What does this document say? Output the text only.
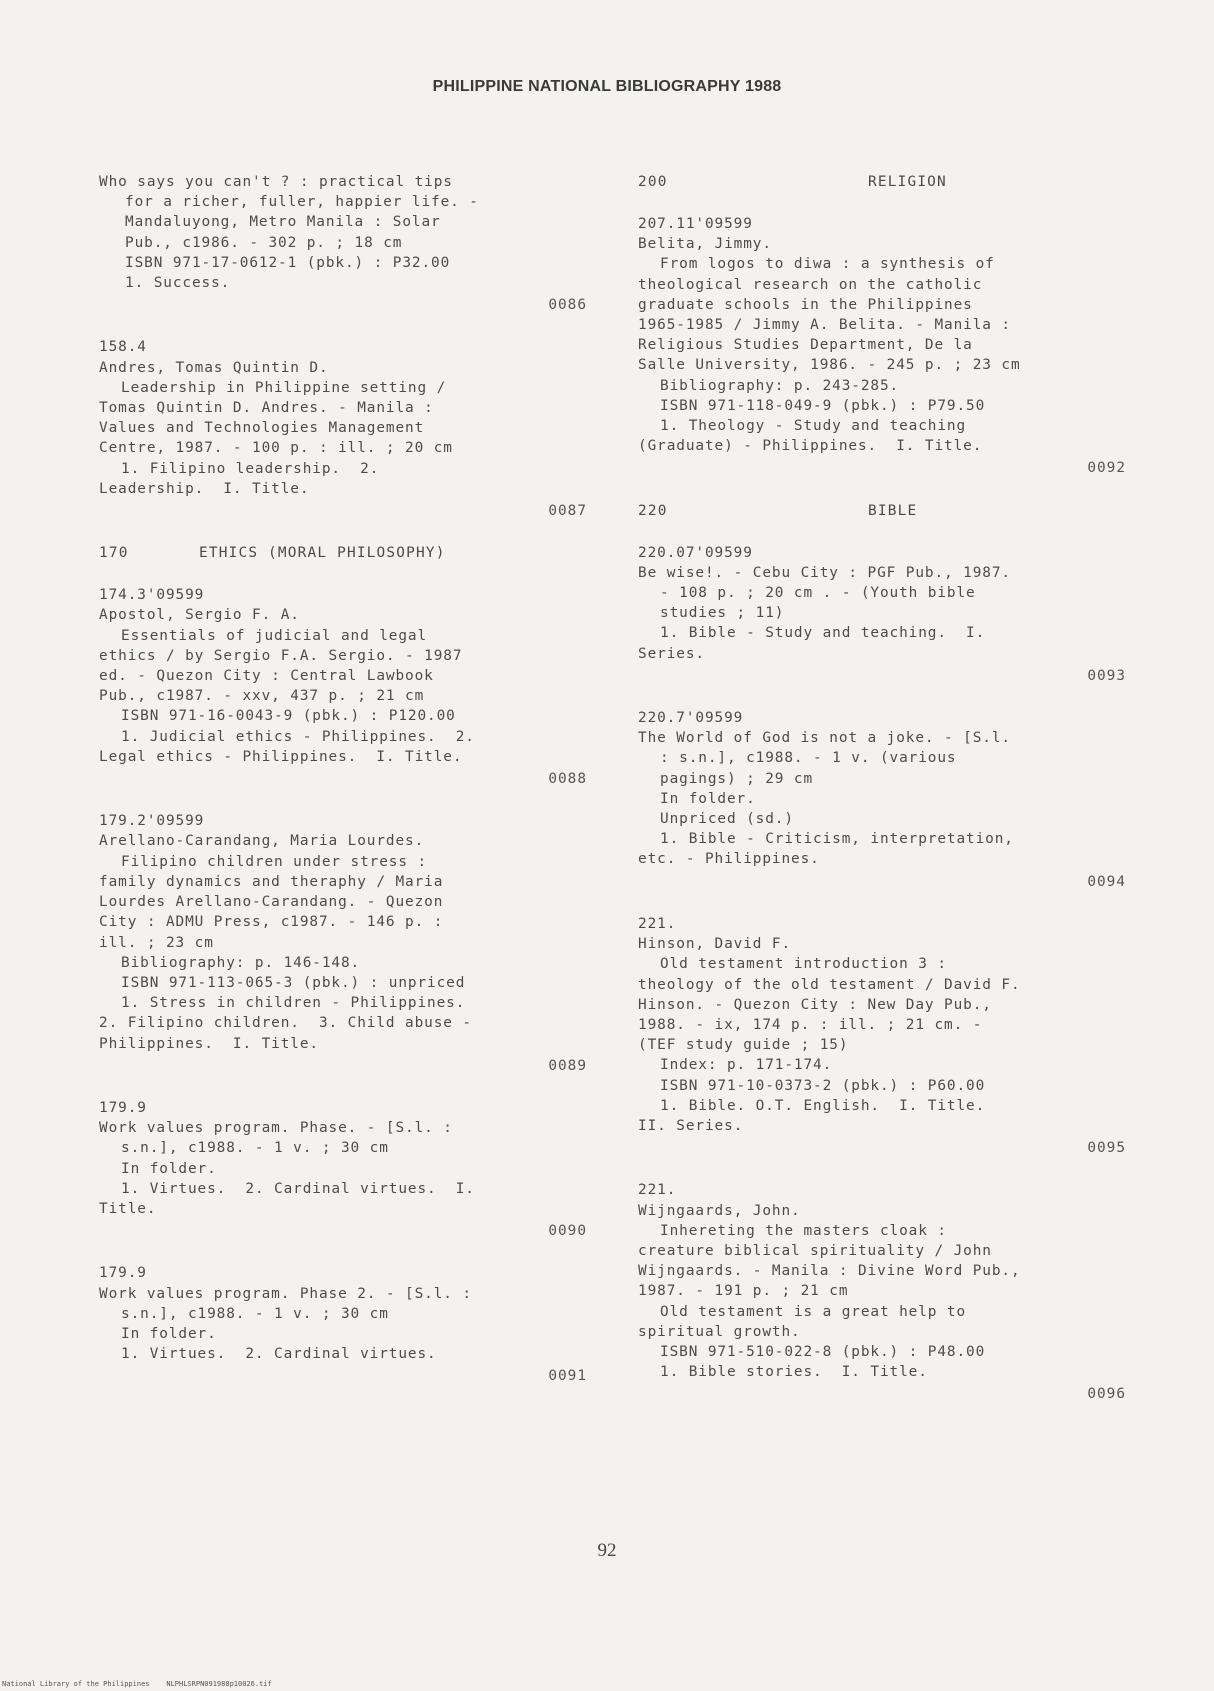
PHILIPPINE NATIONAL BIBLIOGRAPHY 1988
Who says you can't ? : practical tips
for a richer, fuller, happier life. -
Mandaluyong, Metro Manila : Solar
Pub., c1986. - 302 p. ; 18 cm
ISBN 971-17-0612-1 (pbk.) : P32.00
1. Success.
0086
158.4
Andres, Tomas Quintin D.
Leadership in Philippine setting /
Tomas Quintin D. Andres. - Manila :
Values and Technologies Management
Centre, 1987. - 100 p. : ill. ; 20 cm
1. Filipino leadership.  2.
Leadership.  I. Title.
0087
170	ETHICS (MORAL PHILOSOPHY)
174.3'09599
Apostol, Sergio F. A.
Essentials of judicial and legal
ethics / by Sergio F.A. Sergio. - 1987
ed. - Quezon City : Central Lawbook
Pub., c1987. - xxv, 437 p. ; 21 cm
ISBN 971-16-0043-9 (pbk.) : P120.00
1. Judicial ethics - Philippines.  2.
Legal ethics - Philippines.  I. Title.
0088
179.2'09599
Arellano-Carandang, Maria Lourdes.
Filipino children under stress :
family dynamics and theraphy / Maria
Lourdes Arellano-Carandang. - Quezon
City : ADMU Press, c1987. - 146 p. :
ill. ; 23 cm
Bibliography: p. 146-148.
ISBN 971-113-065-3 (pbk.) : unpriced
1. Stress in children - Philippines.
2. Filipino children.  3. Child abuse -
Philippines.  I. Title.
0089
179.9
Work values program. Phase. - [S.l. :
s.n.], c1988. - 1 v. ; 30 cm
In folder.
1. Virtues.  2. Cardinal virtues.  I.
Title.
0090
179.9
Work values program. Phase 2. - [S.l. :
s.n.], c1988. - 1 v. ; 30 cm
In folder.
1. Virtues.  2. Cardinal virtues.
0091
200	RELIGION
207.11'09599
Belita, Jimmy.
From logos to diwa : a synthesis of
theological research on the catholic
graduate schools in the Philippines
1965-1985 / Jimmy A. Belita. - Manila :
Religious Studies Department, De la
Salle University, 1986. - 245 p. ; 23 cm
Bibliography: p. 243-285.
ISBN 971-118-049-9 (pbk.) : P79.50
1. Theology - Study and teaching
(Graduate) - Philippines.  I. Title.
0092
220	BIBLE
220.07'09599
Be wise!. - Cebu City : PGF Pub., 1987.
- 108 p. ; 20 cm . - (Youth bible
studies ; 11)
1. Bible - Study and teaching.  I.
Series.
0093
220.7'09599
The World of God is not a joke. - [S.l.
: s.n.], c1988. - 1 v. (various
pagings) ; 29 cm
In folder.
Unpriced (sd.)
1. Bible - Criticism, interpretation,
etc. - Philippines.
0094
221.
Hinson, David F.
Old testament introduction 3 :
theology of the old testament / David F.
Hinson. - Quezon City : New Day Pub.,
1988. - ix, 174 p. : ill. ; 21 cm. -
(TEF study guide ; 15)
Index: p. 171-174.
ISBN 971-10-0373-2 (pbk.) : P60.00
1. Bible. O.T. English.  I. Title.
II. Series.
0095
221.
Wijngaards, John.
Inhereting the masters cloak :
creature biblical spirituality / John
Wijngaards. - Manila : Divine Word Pub.,
1987. - 191 p. ; 21 cm
Old testament is a great help to
spiritual growth.
ISBN 971-510-022-8 (pbk.) : P48.00
1. Bible stories.  I. Title.
0096
92
National Library of the Philippines    NLPHLSRPN091988p10026.tif
